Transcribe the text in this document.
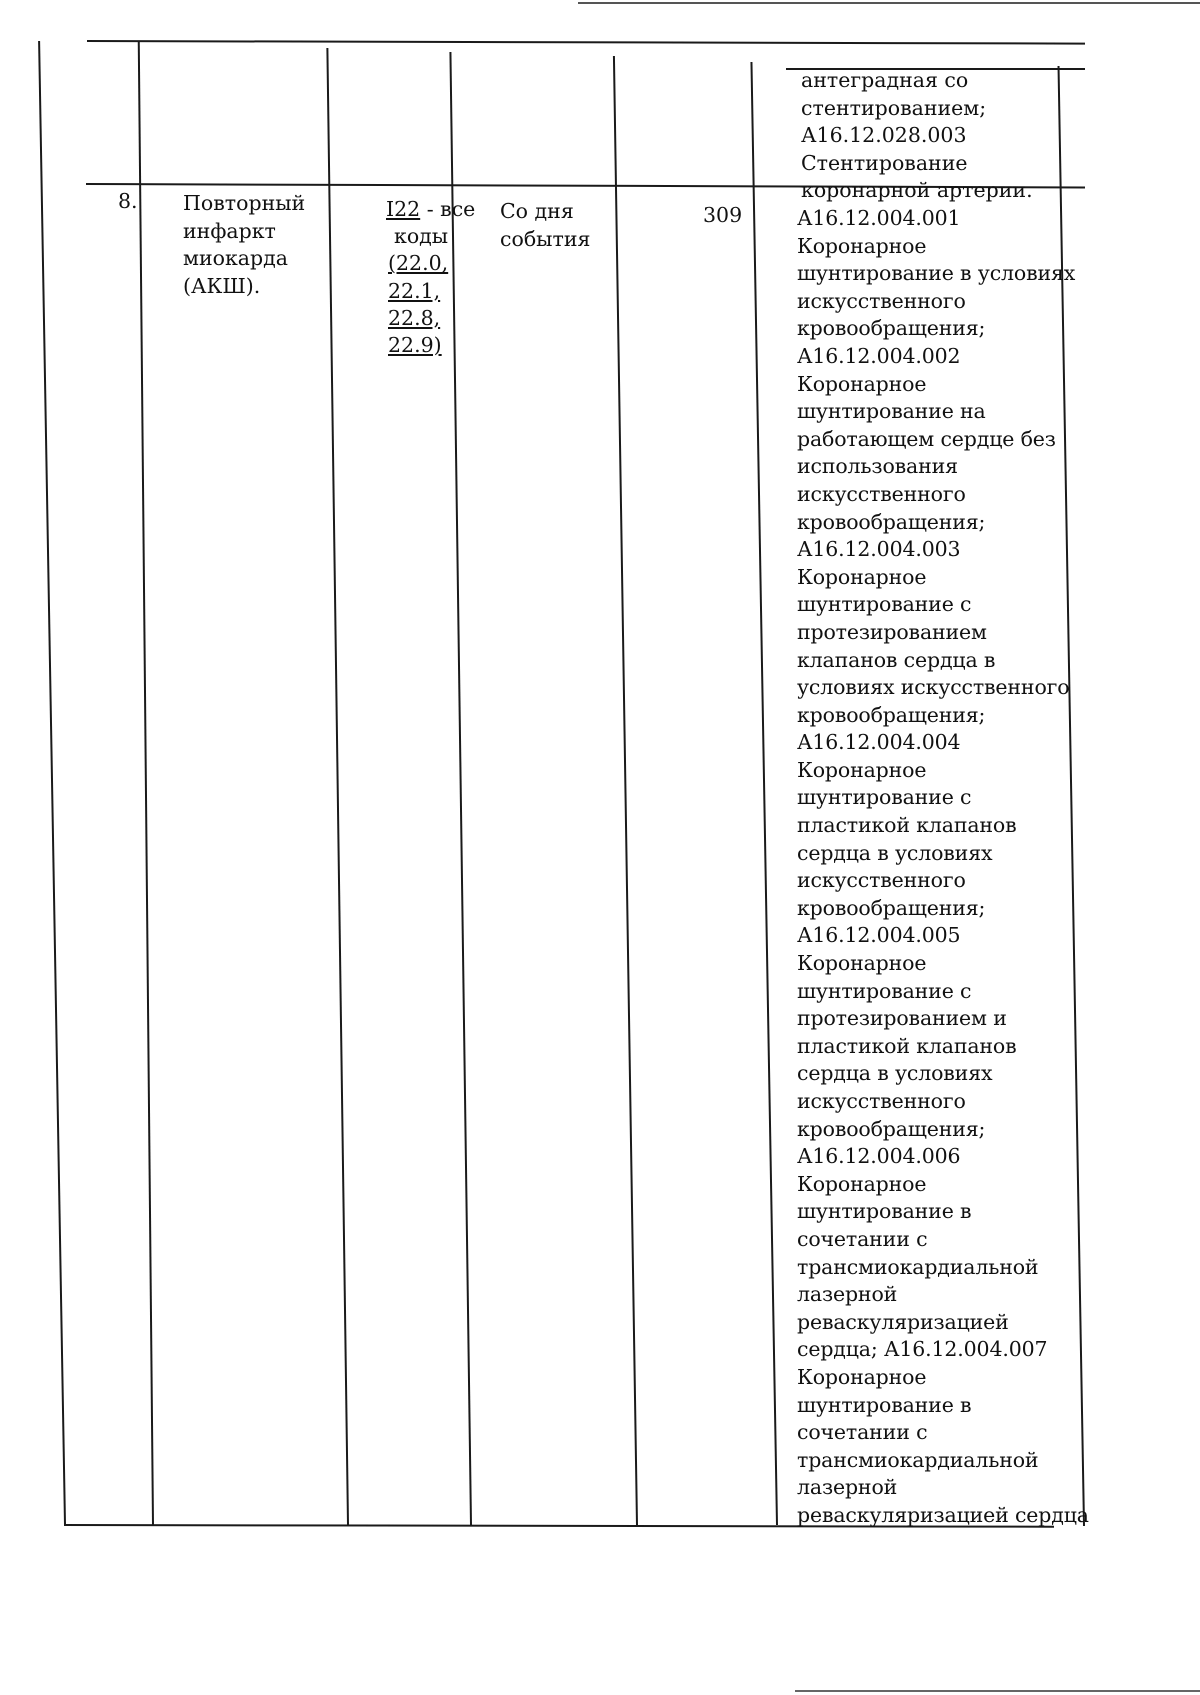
антеградная со
стентированием;
А16.12.028.003
Стентирование
коронарной артерии.

8. Повторный
инфаркт
миокарда
(АКШ).

I22 - все
коды
(22.0,
22.1,
22.8,
22.9)

Со дня
события

309	А16.12.004.001
Коронарное
шунтирование в условиях
искусственного
кровообращения;
А16.12.004.002
Коронарное
шунтирование на
работающем сердце без
использования
искусственного
кровообращения;
А16.12.004.003
Коронарное
шунтирование с
протезированием
клапанов сердца в
условиях искусственного
кровообращения;
А16.12.004.004
Коронарное
шунтирование с
пластикой клапанов
сердца в условиях
искусственного
кровообращения;
А16.12.004.005
Коронарное
шунтирование с
протезированием и
пластикой клапанов
сердца в условиях
искусственного
кровообращения;
А16.12.004.006
Коронарное
шунтирование в
сочетании с
трансмиокардиальной
лазерной
реваскуляризацией
сердца; А16.12.004.007
Коронарное
шунтирование в
сочетании с
трансмиокардиальной
лазерной
реваскуляризацией сердца
